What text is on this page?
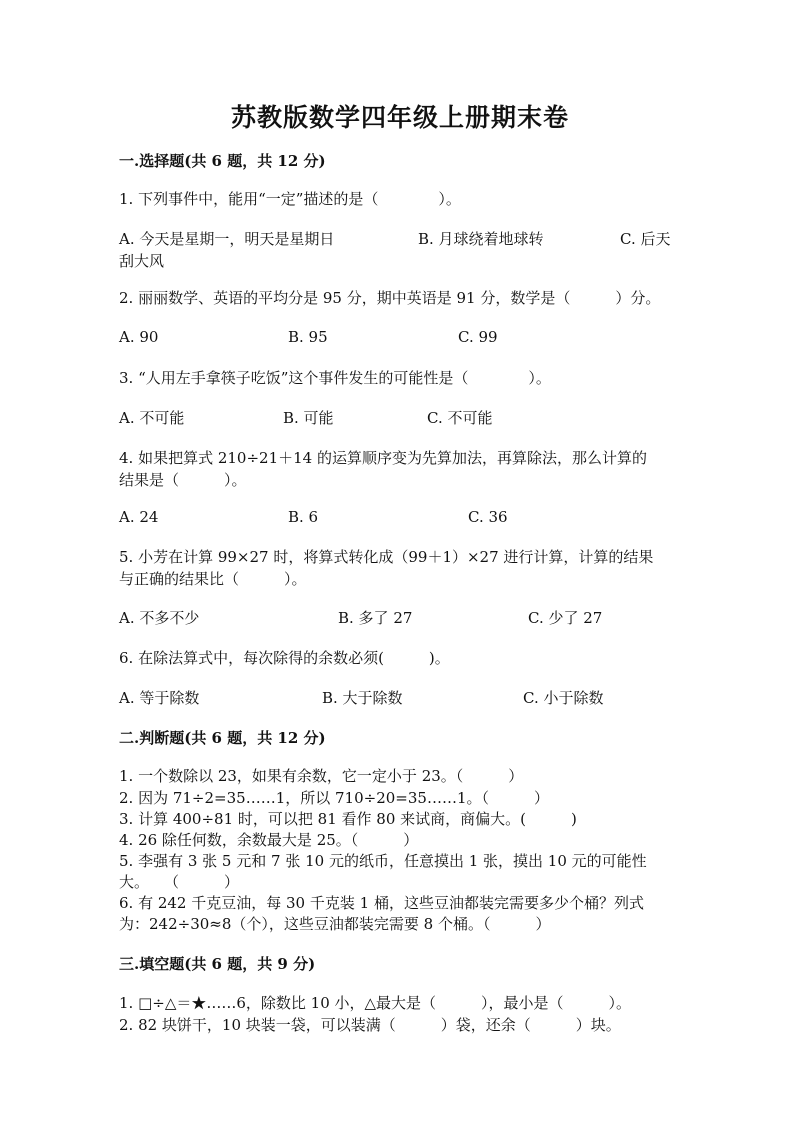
苏教版数学四年级上册期末卷
一.选择题(共 6 题，共 12 分)
1. 下列事件中，能用“一定”描述的是（　　　　）。
A. 今天是星期一，明天是星期日	B. 月球绕着地球转	C. 后天
刮大风
2. 丽丽数学、英语的平均分是 95 分，期中英语是 91 分，数学是（　　　）分。
A. 90	B. 95	C. 99
3. “人用左手拿筷子吃饭”这个事件发生的可能性是（　　　　）。
A. 不可能	B. 可能	C. 不可能
4. 如果把算式 210÷21＋14 的运算顺序变为先算加法，再算除法，那么计算的
结果是（　　　）。
A. 24	B. 6	C. 36
5. 小芳在计算 99×27 时，将算式转化成（99＋1）×27 进行计算，计算的结果
与正确的结果比（　　　）。
A. 不多不少	B. 多了 27	C. 少了 27
6. 在除法算式中，每次除得的余数必须(　　　)。
A. 等于除数	B. 大于除数	C. 小于除数
二.判断题(共 6 题，共 12 分)
1. 一个数除以 23，如果有余数，它一定小于 23。（　　　）
2. 因为 71÷2=35……1，所以 710÷20=35……1。（　　　）
3. 计算 400÷81 时，可以把 81 看作 80 来试商，商偏大。(　　　)
4. 26 除任何数，余数最大是 25。（　　　）
5. 李强有 3 张 5 元和 7 张 10 元的纸币，任意摸出 1 张，摸出 10 元的可能性
大。　　（　　　）
6. 有 242 千克豆油，每 30 千克装 1 桶，这些豆油都装完需要多少个桶？列式
为：242÷30≈8（个），这些豆油都装完需要 8 个桶。（　　　）
三.填空题(共 6 题，共 9 分)
1. □÷△＝★……6，除数比 10 小，△最大是（　　　），最小是（　　　）。
2. 82 块饼干，10 块装一袋，可以装满（　　　）袋，还余（　　　）块。
